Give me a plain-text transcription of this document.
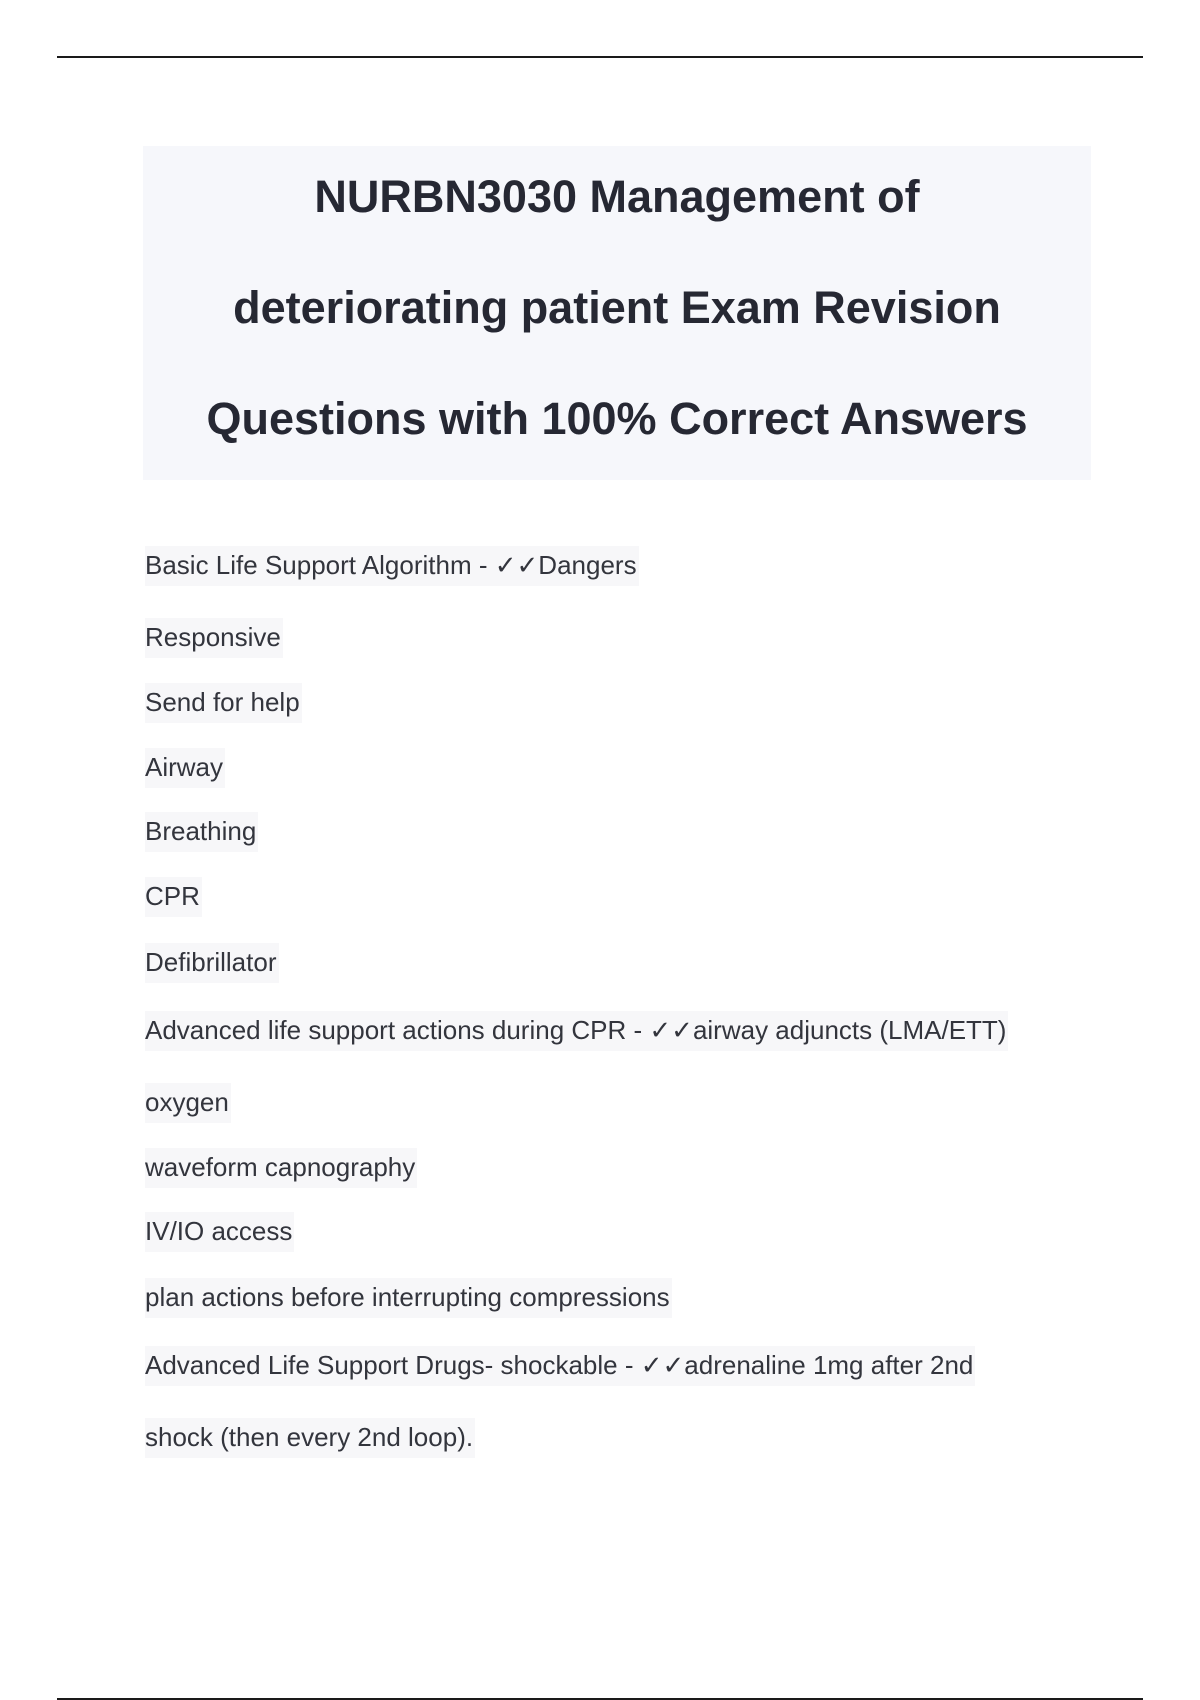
NURBN3030 Management of
deteriorating patient Exam Revision
Questions with 100% Correct Answers
Basic Life Support Algorithm - ✓✓Dangers
Responsive
Send for help
Airway
Breathing
CPR
Defibrillator
Advanced life support actions during CPR - ✓✓airway adjuncts (LMA/ETT)
oxygen
waveform capnography
IV/IO access
plan actions before interrupting compressions
Advanced Life Support Drugs- shockable - ✓✓adrenaline 1mg after 2nd
shock (then every 2nd loop).
